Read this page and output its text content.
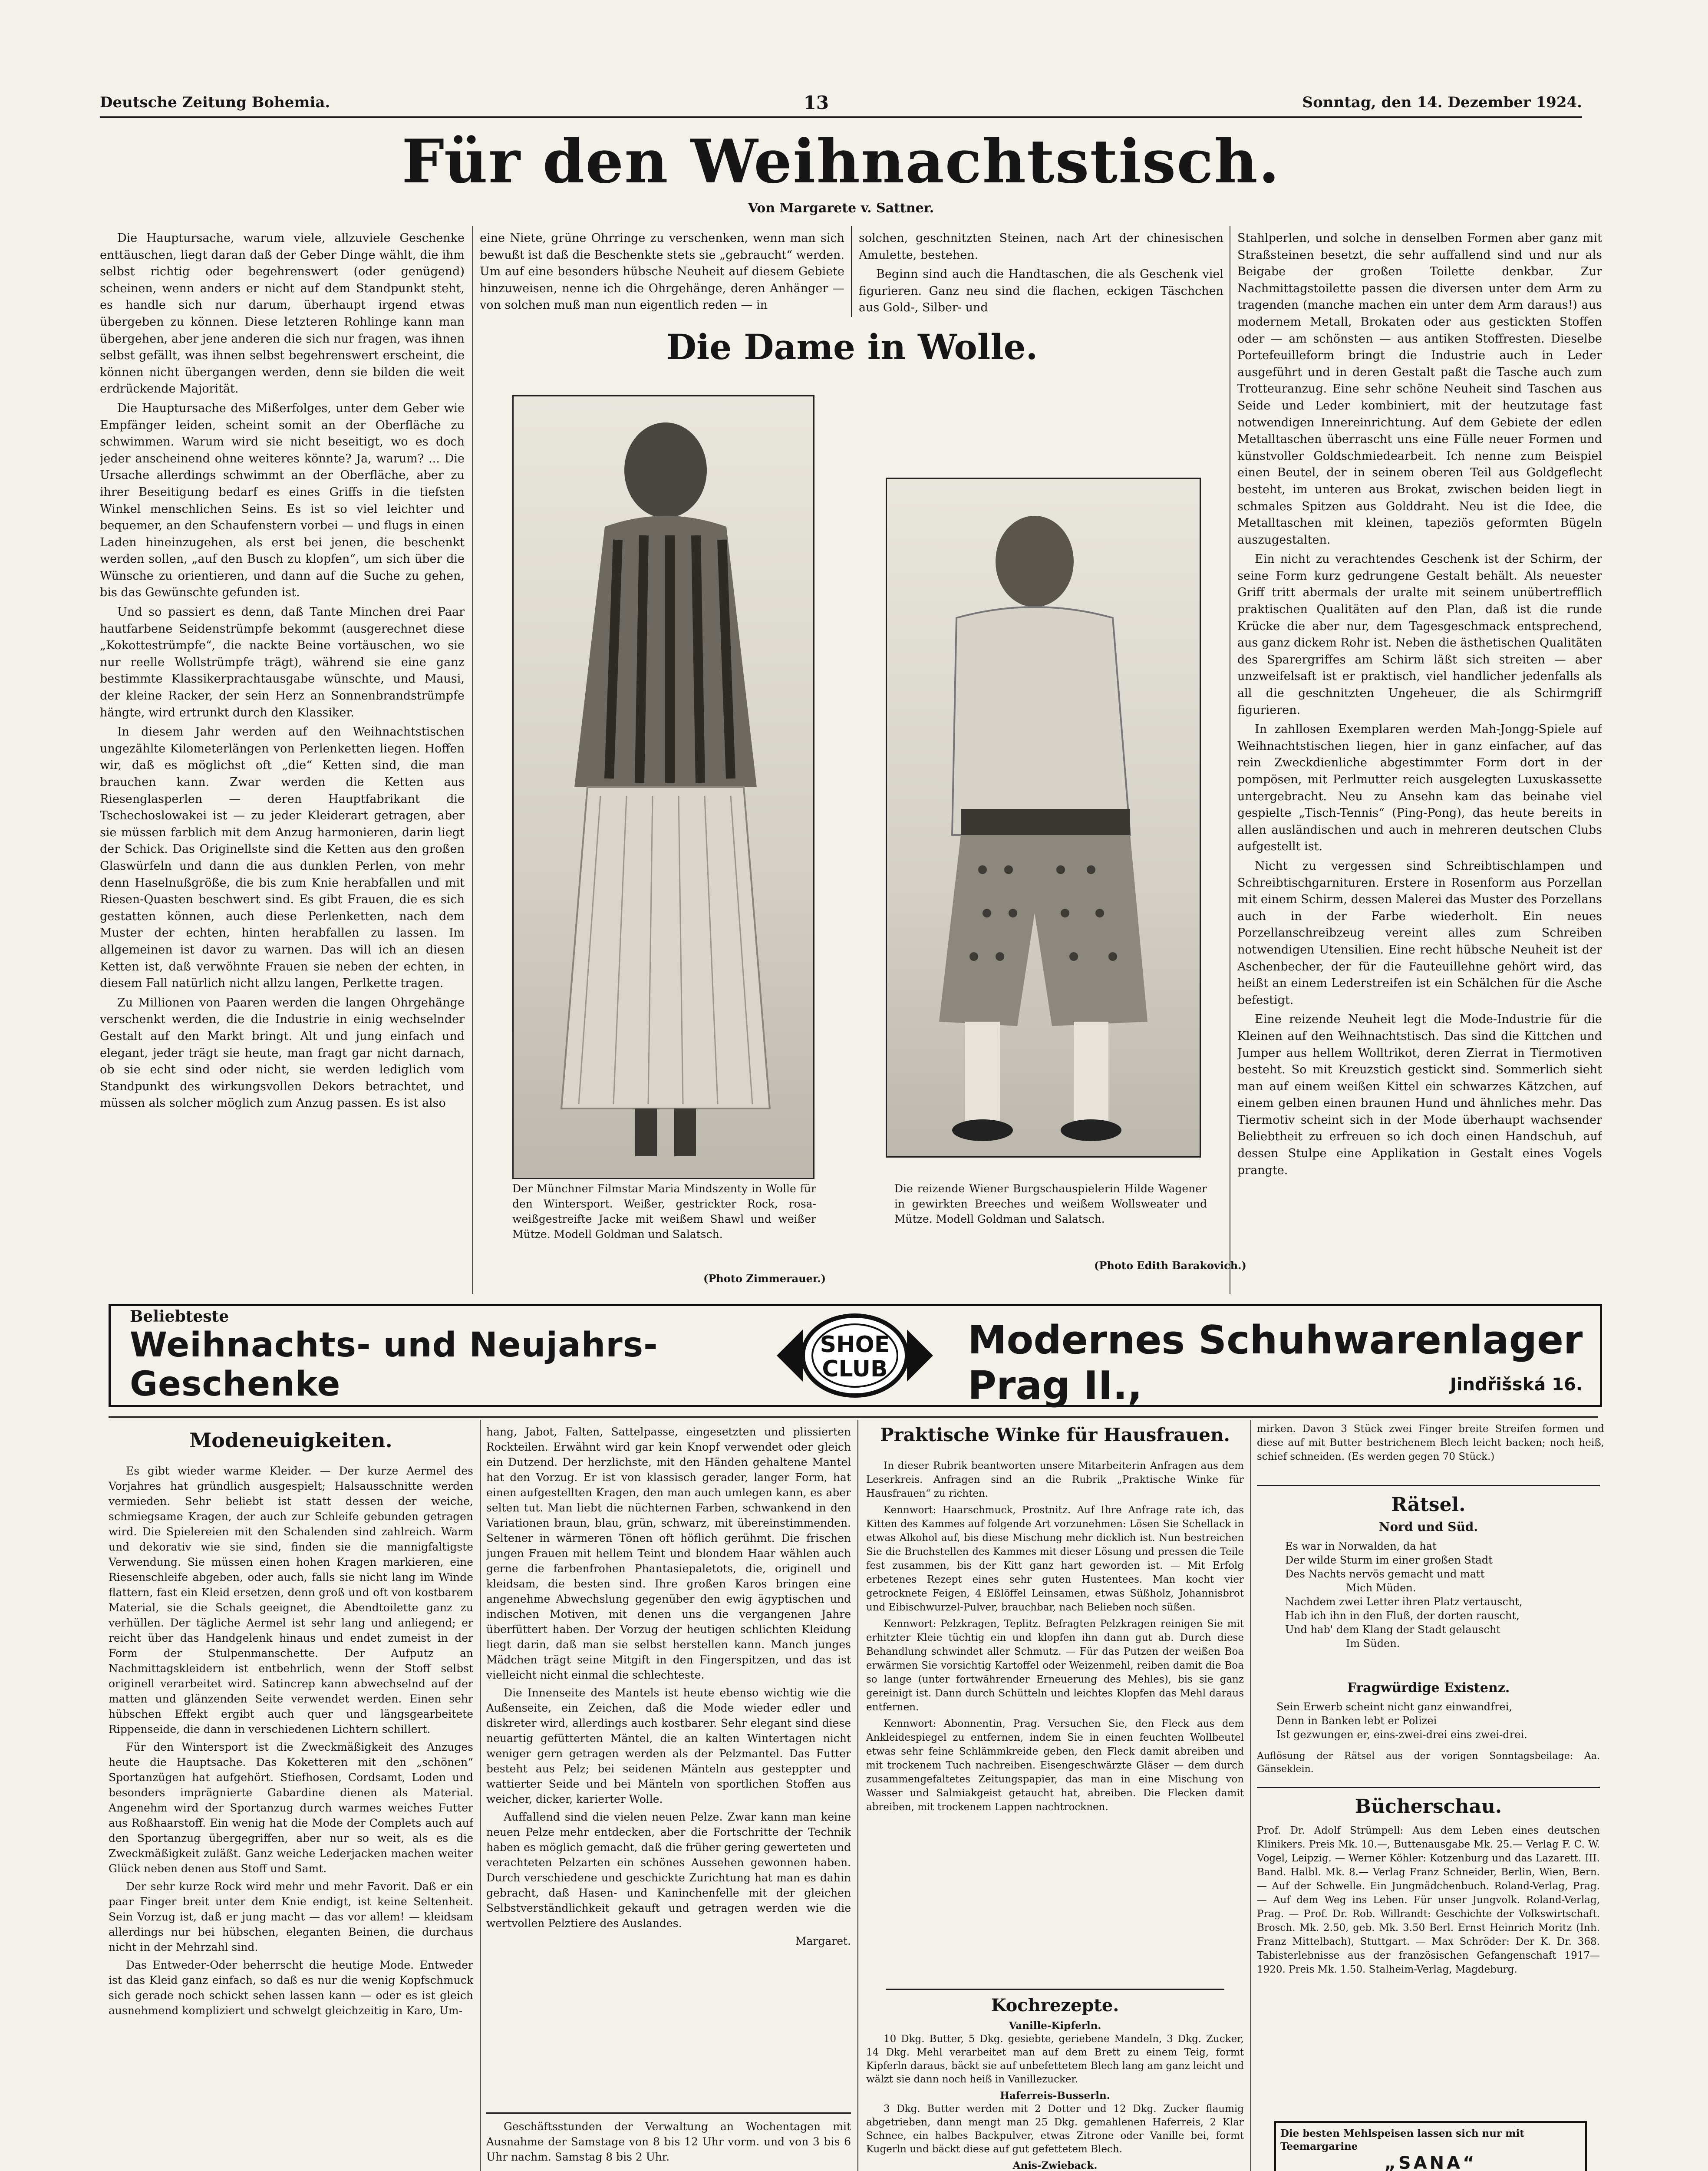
Deutsche Zeitung Bohemia.	13	Sonntag, den 14. Dezember 1924.
Für den Weihnachtstisch.
Von Margarete v. Sattner.

Die Hauptursache, warum viele, allzuviele Geschenke enttäuschen, liegt daran daß der Geber Dinge wählt, die ihm selbst richtig oder begehrenswert (oder genügend) scheinen, wenn anders er nicht auf dem Standpunkt steht, es handle sich nur darum, überhaupt irgend etwas übergeben zu können. Diese letzteren Rohlinge kann man übergehen, aber jene anderen die sich nur fragen, was ihnen selbst gefällt, was ihnen selbst begehrenswert erscheint, die können nicht übergangen werden, denn sie bilden die weit erdrückende Majorität.

Die Hauptursache des Mißerfolges, unter dem Geber wie Empfänger leiden, scheint somit an der Oberfläche zu schwimmen. Warum wird sie nicht beseitigt, wo es doch jeder anscheinend ohne weiteres könnte? Ja, warum? ... Die Ursache allerdings schwimmt an der Oberfläche, aber zu ihrer Beseitigung bedarf es eines Griffs in die tiefsten Winkel menschlichen Seins. Es ist so viel leichter und bequemer, an den Schaufenstern vorbei — und flugs in einen Laden hineinzugehen, als erst bei jenen, die beschenkt werden sollen, „auf den Busch zu klopfen“, um sich über die Wünsche zu orientieren, und dann auf die Suche zu gehen, bis das Gewünschte gefunden ist.

Und so passiert es denn, daß Tante Minchen drei Paar hautfarbene Seidenstrümpfe bekommt (ausgerechnet diese „Kokottestrümpfe“, die nackte Beine vortäuschen, wo sie nur reelle Wollstrümpfe trägt), während sie eine ganz bestimmte Klassikerprachtausgabe wünschte, und Mausi, der kleine Racker, der sein Herz an Sonnenbrandstrümpfe hängte, wird ertrunkt durch den Klassiker.

In diesem Jahr werden auf den Weihnachtstischen ungezählte Kilometerlängen von Perlenketten liegen. Hoffen wir, daß es möglichst oft „die“ Ketten sind, die man brauchen kann. Zwar werden die Ketten aus Riesenglasperlen — deren Hauptfabrikant die Tschechoslowakei ist — zu jeder Kleiderart getragen, aber sie müssen farblich mit dem Anzug harmonieren, darin liegt der Schick. Das Originellste sind die Ketten aus den großen Glaswürfeln und dann die aus dunklen Perlen, von mehr denn Haselnußgröße, die bis zum Knie herabfallen und mit Riesen-Quasten beschwert sind. Es gibt Frauen, die es sich gestatten können, auch diese Perlenketten, nach dem Muster der echten, hinten herabfallen zu lassen. Im allgemeinen ist davor zu warnen. Das will ich an diesen Ketten ist, daß verwöhnte Frauen sie neben der echten, in diesem Fall natürlich nicht allzu langen, Perlkette tragen.

Zu Millionen von Paaren werden die langen Ohrgehänge verschenkt werden, die die Industrie in einig wechselnder Gestalt auf den Markt bringt. Alt und jung einfach und elegant, jeder trägt sie heute, man fragt gar nicht darnach, ob sie echt sind oder nicht, sie werden lediglich vom Standpunkt des wirkungsvollen Dekors betrachtet, und müssen als solcher möglich zum Anzug passen. Es ist also

eine Niete, grüne Ohrringe zu verschenken, wenn man sich bewußt ist daß die Beschenkte stets sie „gebraucht“ werden. Um auf eine besonders hübsche Neuheit auf diesem Gebiete hinzuweisen, nenne ich die Ohrgehänge, deren Anhänger — von solchen muß man nun eigentlich reden — in

solchen, geschnitzten Steinen, nach Art der chinesischen Amulette, bestehen.

Beginn sind auch die Handtaschen, die als Geschenk viel figurieren. Ganz neu sind die flachen, eckigen Täschchen aus Gold-, Silber- und

Die Dame in Wolle.
Der Münchner Filmstar Maria Mindszenty in Wolle für den Wintersport. Weißer, gestrickter Rock, rosa-weißgestreifte Jacke mit weißem Shawl und weißer Mütze. Modell Goldman und Salatsch.
(Photo Zimmerauer.)
Die reizende Wiener Burgschauspielerin Hilde Wagener in gewirkten Breeches und weißem Wollsweater und Mütze. Modell Goldman und Salatsch.
(Photo Edith Barakovich.)

Stahlperlen, und solche in denselben Formen aber ganz mit Straßsteinen besetzt, die sehr auffallend sind und nur als Beigabe der großen Toilette denkbar. Zur Nachmittagstoilette passen die diversen unter dem Arm zu tragenden (manche machen ein unter dem Arm daraus!) aus modernem Metall, Brokaten oder aus gestickten Stoffen oder — am schönsten — aus antiken Stoffresten. Dieselbe Portefeuilleform bringt die Industrie auch in Leder ausgeführt und in deren Gestalt paßt die Tasche auch zum Trotteuranzug. Eine sehr schöne Neuheit sind Taschen aus Seide und Leder kombiniert, mit der heutzutage fast notwendigen Innereinrichtung. Auf dem Gebiete der edlen Metalltaschen überrascht uns eine Fülle neuer Formen und künstvoller Goldschmiedearbeit. Ich nenne zum Beispiel einen Beutel, der in seinem oberen Teil aus Goldgeflecht besteht, im unteren aus Brokat, zwischen beiden liegt in schmales Spitzen aus Golddraht. Neu ist die Idee, die Metalltaschen mit kleinen, tapeziös geformten Bügeln auszugestalten.

Ein nicht zu verachtendes Geschenk ist der Schirm, der seine Form kurz gedrungene Gestalt behält. Als neuester Griff tritt abermals der uralte mit seinem unübertrefflich praktischen Qualitäten auf den Plan, daß ist die runde Krücke die aber nur, dem Tagesgeschmack entsprechend, aus ganz dickem Rohr ist. Neben die ästhetischen Qualitäten des Sparergriffes am Schirm läßt sich streiten — aber unzweifelsaft ist er praktisch, viel handlicher jedenfalls als all die geschnitzten Ungeheuer, die als Schirmgriff figurieren.

In zahllosen Exemplaren werden Mah-Jongg-Spiele auf Weihnachtstischen liegen, hier in ganz einfacher, auf das rein Zweckdienliche abgestimmter Form dort in der pompösen, mit Perlmutter reich ausgelegten Luxuskassette untergebracht. Neu zu Ansehn kam das beinahe viel gespielte „Tisch-Tennis“ (Ping-Pong), das heute bereits in allen ausländischen und auch in mehreren deutschen Clubs aufgestellt ist.

Nicht zu vergessen sind Schreibtischlampen und Schreibtischgarnituren. Erstere in Rosenform aus Porzellan mit einem Schirm, dessen Malerei das Muster des Porzellans auch in der Farbe wiederholt. Ein neues Porzellanschreibzeug vereint alles zum Schreiben notwendigen Utensilien. Eine recht hübsche Neuheit ist der Aschenbecher, der für die Fauteuillehne gehört wird, das heißt an einem Lederstreifen ist ein Schälchen für die Asche befestigt.

Eine reizende Neuheit legt die Mode-Industrie für die Kleinen auf den Weihnachtstisch. Das sind die Kittchen und Jumper aus hellem Wolltrikot, deren Zierrat in Tiermotiven besteht. So mit Kreuzstich gestickt sind. Sommerlich sieht man auf einem weißen Kittel ein schwarzes Kätzchen, auf einem gelben einen braunen Hund und ähnliches mehr. Das Tiermotiv scheint sich in der Mode überhaupt wachsender Beliebtheit zu erfreuen so ich doch einen Handschuh, auf dessen Stulpe eine Applikation in Gestalt eines Vogels prangte.

Beliebteste
Weihnachts- und Neujahrs-Geschenke
SHOE
CLUB
Modernes Schuhwarenlager Prag II.,	Jindřišská 16.
Modeneuigkeiten.

Es gibt wieder warme Kleider. — Der kurze Aermel des Vorjahres hat gründlich ausgespielt; Halsausschnitte werden vermieden. Sehr beliebt ist statt dessen der weiche, schmiegsame Kragen, der auch zur Schleife gebunden getragen wird. Die Spielereien mit den Schalenden sind zahlreich. Warm und dekorativ wie sie sind, finden sie die mannigfaltigste Verwendung. Sie müssen einen hohen Kragen markieren, eine Riesenschleife abgeben, oder auch, falls sie nicht lang im Winde flattern, fast ein Kleid ersetzen, denn groß und oft von kostbarem Material, sie die Schals geeignet, die Abendtoilette ganz zu verhüllen. Der tägliche Aermel ist sehr lang und anliegend; er reicht über das Handgelenk hinaus und endet zumeist in der Form der Stulpenmanschette. Der Aufputz an Nachmittagskleidern ist entbehrlich, wenn der Stoff selbst originell verarbeitet wird. Satincrep kann abwechselnd auf der matten und glänzenden Seite verwendet werden. Einen sehr hübschen Effekt ergibt auch quer und längsgearbeitete Rippenseide, die dann in verschiedenen Lichtern schillert.

Für den Wintersport ist die Zweckmäßigkeit des Anzuges heute die Hauptsache. Das Koketteren mit den „schönen“ Sportanzügen hat aufgehört. Stiefhosen, Cordsamt, Loden und besonders imprägnierte Gabardine dienen als Material. Angenehm wird der Sportanzug durch warmes weiches Futter aus Roßhaarstoff. Ein wenig hat die Mode der Complets auch auf den Sportanzug übergegriffen, aber nur so weit, als es die Zweckmäßigkeit zuläßt. Ganz weiche Lederjacken machen weiter Glück neben denen aus Stoff und Samt.

Der sehr kurze Rock wird mehr und mehr Favorit. Daß er ein paar Finger breit unter dem Knie endigt, ist keine Seltenheit. Sein Vorzug ist, daß er jung macht — das vor allem! — kleidsam allerdings nur bei hübschen, eleganten Beinen, die durchaus nicht in der Mehrzahl sind.

Das Entweder-Oder beherrscht die heutige Mode. Entweder ist das Kleid ganz einfach, so daß es nur die wenig Kopfschmuck sich gerade noch schickt sehen lassen kann — oder es ist gleich ausnehmend kompliziert und schwelgt gleichzeitig in Karo, Um-

hang, Jabot, Falten, Sattelpasse, eingesetzten und plissierten Rockteilen. Erwähnt wird gar kein Knopf verwendet oder gleich ein Dutzend. Der herzlichste, mit den Händen gehaltene Mantel hat den Vorzug. Er ist von klassisch gerader, langer Form, hat einen aufgestellten Kragen, den man auch umlegen kann, es aber selten tut. Man liebt die nüchternen Farben, schwankend in den Variationen braun, blau, grün, schwarz, mit übereinstimmenden. Seltener in wärmeren Tönen oft höflich gerühmt. Die frischen jungen Frauen mit hellem Teint und blondem Haar wählen auch gerne die farbenfrohen Phantasiepaletots, die, originell und kleidsam, die besten sind. Ihre großen Karos bringen eine angenehme Abwechslung gegenüber den ewig ägyptischen und indischen Motiven, mit denen uns die vergangenen Jahre überfüttert haben. Der Vorzug der heutigen schlichten Kleidung liegt darin, daß man sie selbst herstellen kann. Manch junges Mädchen trägt seine Mitgift in den Fingerspitzen, und das ist vielleicht nicht einmal die schlechteste.

Die Innenseite des Mantels ist heute ebenso wichtig wie die Außenseite, ein Zeichen, daß die Mode wieder edler und diskreter wird, allerdings auch kostbarer. Sehr elegant sind diese neuartig gefütterten Mäntel, die an kalten Wintertagen nicht weniger gern getragen werden als der Pelzmantel. Das Futter besteht aus Pelz; bei seidenen Mänteln aus gesteppter und wattierter Seide und bei Mänteln von sportlichen Stoffen aus weicher, dicker, karierter Wolle.

Auffallend sind die vielen neuen Pelze. Zwar kann man keine neuen Pelze mehr entdecken, aber die Fortschritte der Technik haben es möglich gemacht, daß die früher gering gewerteten und verachteten Pelzarten ein schönes Aussehen gewonnen haben. Durch verschiedene und geschickte Zurichtung hat man es dahin gebracht, daß Hasen- und Kaninchenfelle mit der gleichen Selbstverständlichkeit gekauft und getragen werden wie die wertvollen Pelztiere des Auslandes.

Margaret.

Geschäftsstunden der Verwaltung an Wochentagen mit Ausnahme der Samstage von 8 bis 12 Uhr vorm. und von 3 bis 6 Uhr nachm. Samstag 8 bis 2 Uhr.

Praktische Winke für Hausfrauen.

In dieser Rubrik beantworten unsere Mitarbeiterin Anfragen aus dem Leserkreis. Anfragen sind an die Rubrik „Praktische Winke für Hausfrauen“ zu richten.

Kennwort: Haarschmuck, Prostnitz. Auf Ihre Anfrage rate ich, das Kitten des Kammes auf folgende Art vorzunehmen: Lösen Sie Schellack in etwas Alkohol auf, bis diese Mischung mehr dicklich ist. Nun bestreichen Sie die Bruchstellen des Kammes mit dieser Lösung und pressen die Teile fest zusammen, bis der Kitt ganz hart geworden ist. — Mit Erfolg erbetenes Rezept eines sehr guten Hustentees. Man kocht vier getrocknete Feigen, 4 Eßlöffel Leinsamen, etwas Süßholz, Johannisbrot und Eibischwurzel-Pulver, brauchbar, nach Belieben noch süßen.

Kennwort: Pelzkragen, Teplitz. Befragten Pelzkragen reinigen Sie mit erhitzter Kleie tüchtig ein und klopfen ihn dann gut ab. Durch diese Behandlung schwindet aller Schmutz. — Für das Putzen der weißen Boa erwärmen Sie vorsichtig Kartoffel oder Weizenmehl, reiben damit die Boa so lange (unter fortwährender Erneuerung des Mehles), bis sie ganz gereinigt ist. Dann durch Schütteln und leichtes Klopfen das Mehl daraus entfernen.

Kennwort: Abonnentin, Prag. Versuchen Sie, den Fleck aus dem Ankleidespiegel zu entfernen, indem Sie in einen feuchten Wollbeutel etwas sehr feine Schlämmkreide geben, den Fleck damit abreiben und mit trockenem Tuch nachreiben. Eisengeschwärzte Gläser — dem durch zusammengefaltetes Zeitungspapier, das man in eine Mischung von Wasser und Salmiakgeist getaucht hat, abreiben. Die Flecken damit abreiben, mit trockenem Lappen nachtrocknen.

Kochrezepte.
Vanille-Kipferln.

10 Dkg. Butter, 5 Dkg. gesiebte, geriebene Mandeln, 3 Dkg. Zucker, 14 Dkg. Mehl verarbeitet man auf dem Brett zu einem Teig, formt Kipferln daraus, bäckt sie auf unbefettetem Blech lang am ganz leicht und wälzt sie dann noch heiß in Vanillezucker.

Haferreis-Busserln.

3 Dkg. Butter werden mit 2 Dotter und 12 Dkg. Zucker flaumig abgetrieben, dann mengt man 25 Dkg. gemahlenen Haferreis, 2 Klar Schnee, ein halbes Backpulver, etwas Zitrone oder Vanille bei, formt Kugerln und bäckt diese auf gut gefettetem Blech.

Anis-Zwieback.

mirken. Davon 3 Stück zwei Finger breite Streifen formen und diese auf mit Butter bestrichenem Blech leicht backen; noch heiß, schief schneiden. (Es werden gegen 70 Stück.)

Rätsel.
Nord und Süd.
Es war in Norwalden, da hat
Der wilde Sturm im einer großen Stadt
Des Nachts nervös gemacht und matt
Mich Müden.
Nachdem zwei Letter ihren Platz vertauscht,
Hab ich ihn in den Fluß, der dorten rauscht,
Und hab' dem Klang der Stadt gelauscht
Im Süden.
Fragwürdige Existenz.
Sein Erwerb scheint nicht ganz einwandfrei,
Denn in Banken lebt er Polizei
Ist gezwungen er, eins-zwei-drei eins zwei-drei.

Auflösung der Rätsel aus der vorigen Sonntagsbeilage: Aa. Gänseklein.

Bücherschau.

Prof. Dr. Adolf Strümpell: Aus dem Leben eines deutschen Klinikers. Preis Mk. 10.—, Buttenausgabe Mk. 25.— Verlag F. C. W. Vogel, Leipzig. — Werner Köhler: Kotzenburg und das Lazarett. III. Band. Halbl. Mk. 8.— Verlag Franz Schneider, Berlin, Wien, Bern. — Auf der Schwelle. Ein Jungmädchenbuch. Roland-Verlag, Prag. — Auf dem Weg ins Leben. Für unser Jungvolk. Roland-Verlag, Prag. — Prof. Dr. Rob. Willrandt: Geschichte der Volkswirtschaft. Brosch. Mk. 2.50, geb. Mk. 3.50 Berl. Ernst Heinrich Moritz (Inh. Franz Mittelbach), Stuttgart. — Max Schröder: Der K. Dr. 368. Tabisterlebnisse aus der französischen Gefangenschaft 1917—1920. Preis Mk. 1.50. Stalheim-Verlag, Magdeburg.

Die besten Mehlspeisen lassen sich nur mit Teemargarine
„SANA“
